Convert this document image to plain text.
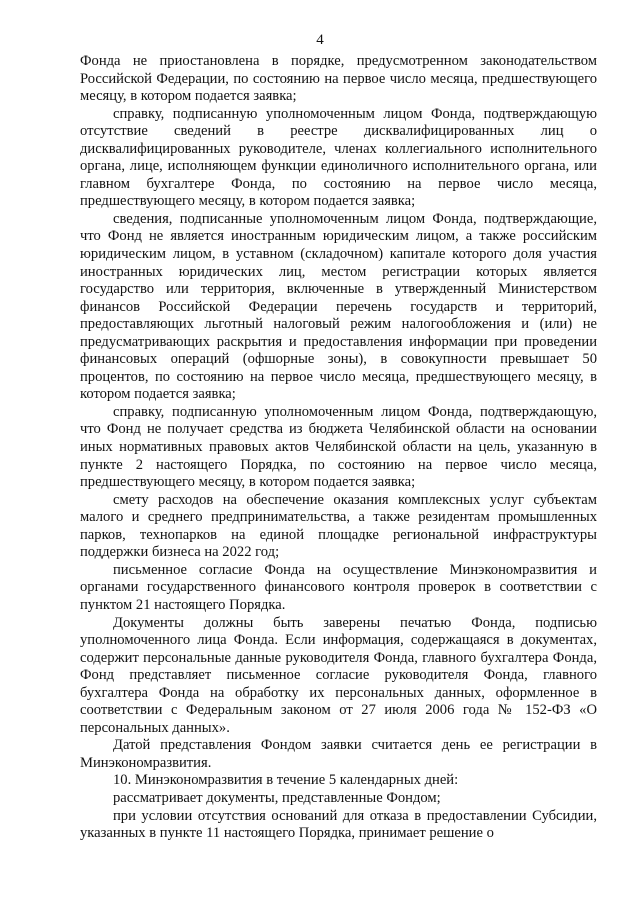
4

Фонда не приостановлена в порядке, предусмотренном законодательством Российской Федерации, по состоянию на первое число месяца, предшествующего месяцу, в котором подается заявка;

справку, подписанную уполномоченным лицом Фонда, подтверждающую отсутствие сведений в реестре дисквалифицированных лиц о дисквалифицированных руководителе, членах коллегиального исполнительного органа, лице, исполняющем функции единоличного исполнительного органа, или главном бухгалтере Фонда, по состоянию на первое число месяца, предшествующего месяцу, в котором подается заявка;

сведения, подписанные уполномоченным лицом Фонда, подтверждающие, что Фонд не является иностранным юридическим лицом, а также российским юридическим лицом, в уставном (складочном) капитале которого доля участия иностранных юридических лиц, местом регистрации которых является государство или территория, включенные в утвержденный Министерством финансов Российской Федерации перечень государств и территорий, предоставляющих льготный налоговый режим налогообложения и (или) не предусматривающих раскрытия и предоставления информации при проведении финансовых операций (офшорные зоны), в совокупности превышает 50 процентов, по состоянию на первое число месяца, предшествующего месяцу, в котором подается заявка;

справку, подписанную уполномоченным лицом Фонда, подтверждающую, что Фонд не получает средства из бюджета Челябинской области на основании иных нормативных правовых актов Челябинской области на цель, указанную в пункте 2 настоящего Порядка, по состоянию на первое число месяца, предшествующего месяцу, в котором подается заявка;

смету расходов на обеспечение оказания комплексных услуг субъектам малого и среднего предпринимательства, а также резидентам промышленных парков, технопарков на единой площадке региональной инфраструктуры поддержки бизнеса на 2022 год;

письменное согласие Фонда на осуществление Минэкономразвития и органами государственного финансового контроля проверок в соответствии с пунктом 21 настоящего Порядка.

Документы должны быть заверены печатью Фонда, подписью уполномоченного лица Фонда. Если информация, содержащаяся в документах, содержит персональные данные руководителя Фонда, главного бухгалтера Фонда, Фонд представляет письменное согласие руководителя Фонда, главного бухгалтера Фонда на обработку их персональных данных, оформленное в соответствии с Федеральным законом от 27 июля 2006 года № 152-ФЗ «О персональных данных».

Датой представления Фондом заявки считается день ее регистрации в Минэкономразвития.

10. Минэкономразвития в течение 5 календарных дней:

рассматривает документы, представленные Фондом;

при условии отсутствия оснований для отказа в предоставлении Субсидии, указанных в пункте 11 настоящего Порядка, принимает решение о
